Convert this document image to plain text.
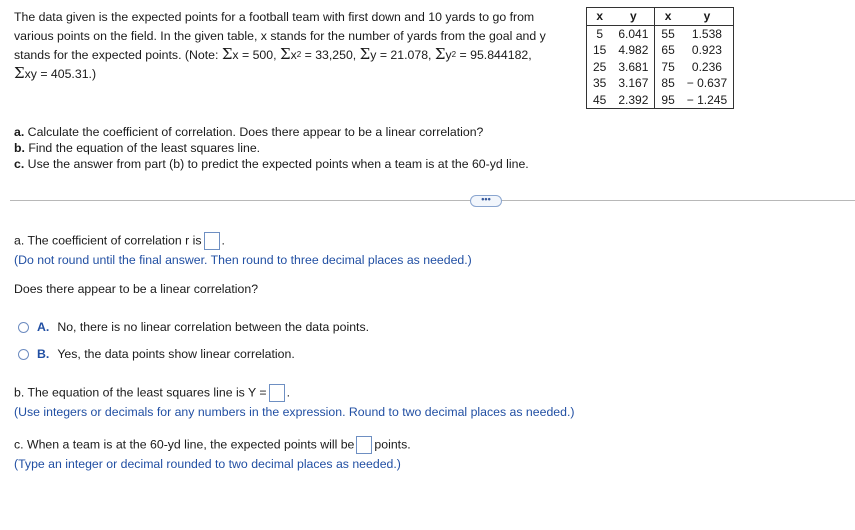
The data given is the expected points for a football team with first down and 10 yards to go from
various points on the field. In the given table, x stands for the number of yards from the goal and y
stands for the expected points. (Note: Σx = 500, $\Sigma x^2 = 33,250$, Σy = 21.078, $\Sigma y^2 = 95.844182$,
Σxy = 405.31.)
x	y	x	y
5	6.041	55	1.538
15	4.982	65	0.923
25	3.681	75	0.236
35	3.167	85	− 0.637
45	2.392	95	− 1.245
a. Calculate the coefficient of correlation. Does there appear to be a linear correlation?
b. Find the equation of the least squares line.
c. Use the answer from part (b) to predict the expected points when a team is at the 60-yd line.
•••
a. The coefficient of correlation r is .
(Do not round until the final answer. Then round to three decimal places as needed.)
Does there appear to be a linear correlation?
A. No, there is no linear correlation between the data points.
B. Yes, the data points show linear correlation.
b. The equation of the least squares line is Y = .
(Use integers or decimals for any numbers in the expression. Round to two decimal places as needed.)
c. When a team is at the 60-yd line, the expected points will be points.
(Type an integer or decimal rounded to two decimal places as needed.)
